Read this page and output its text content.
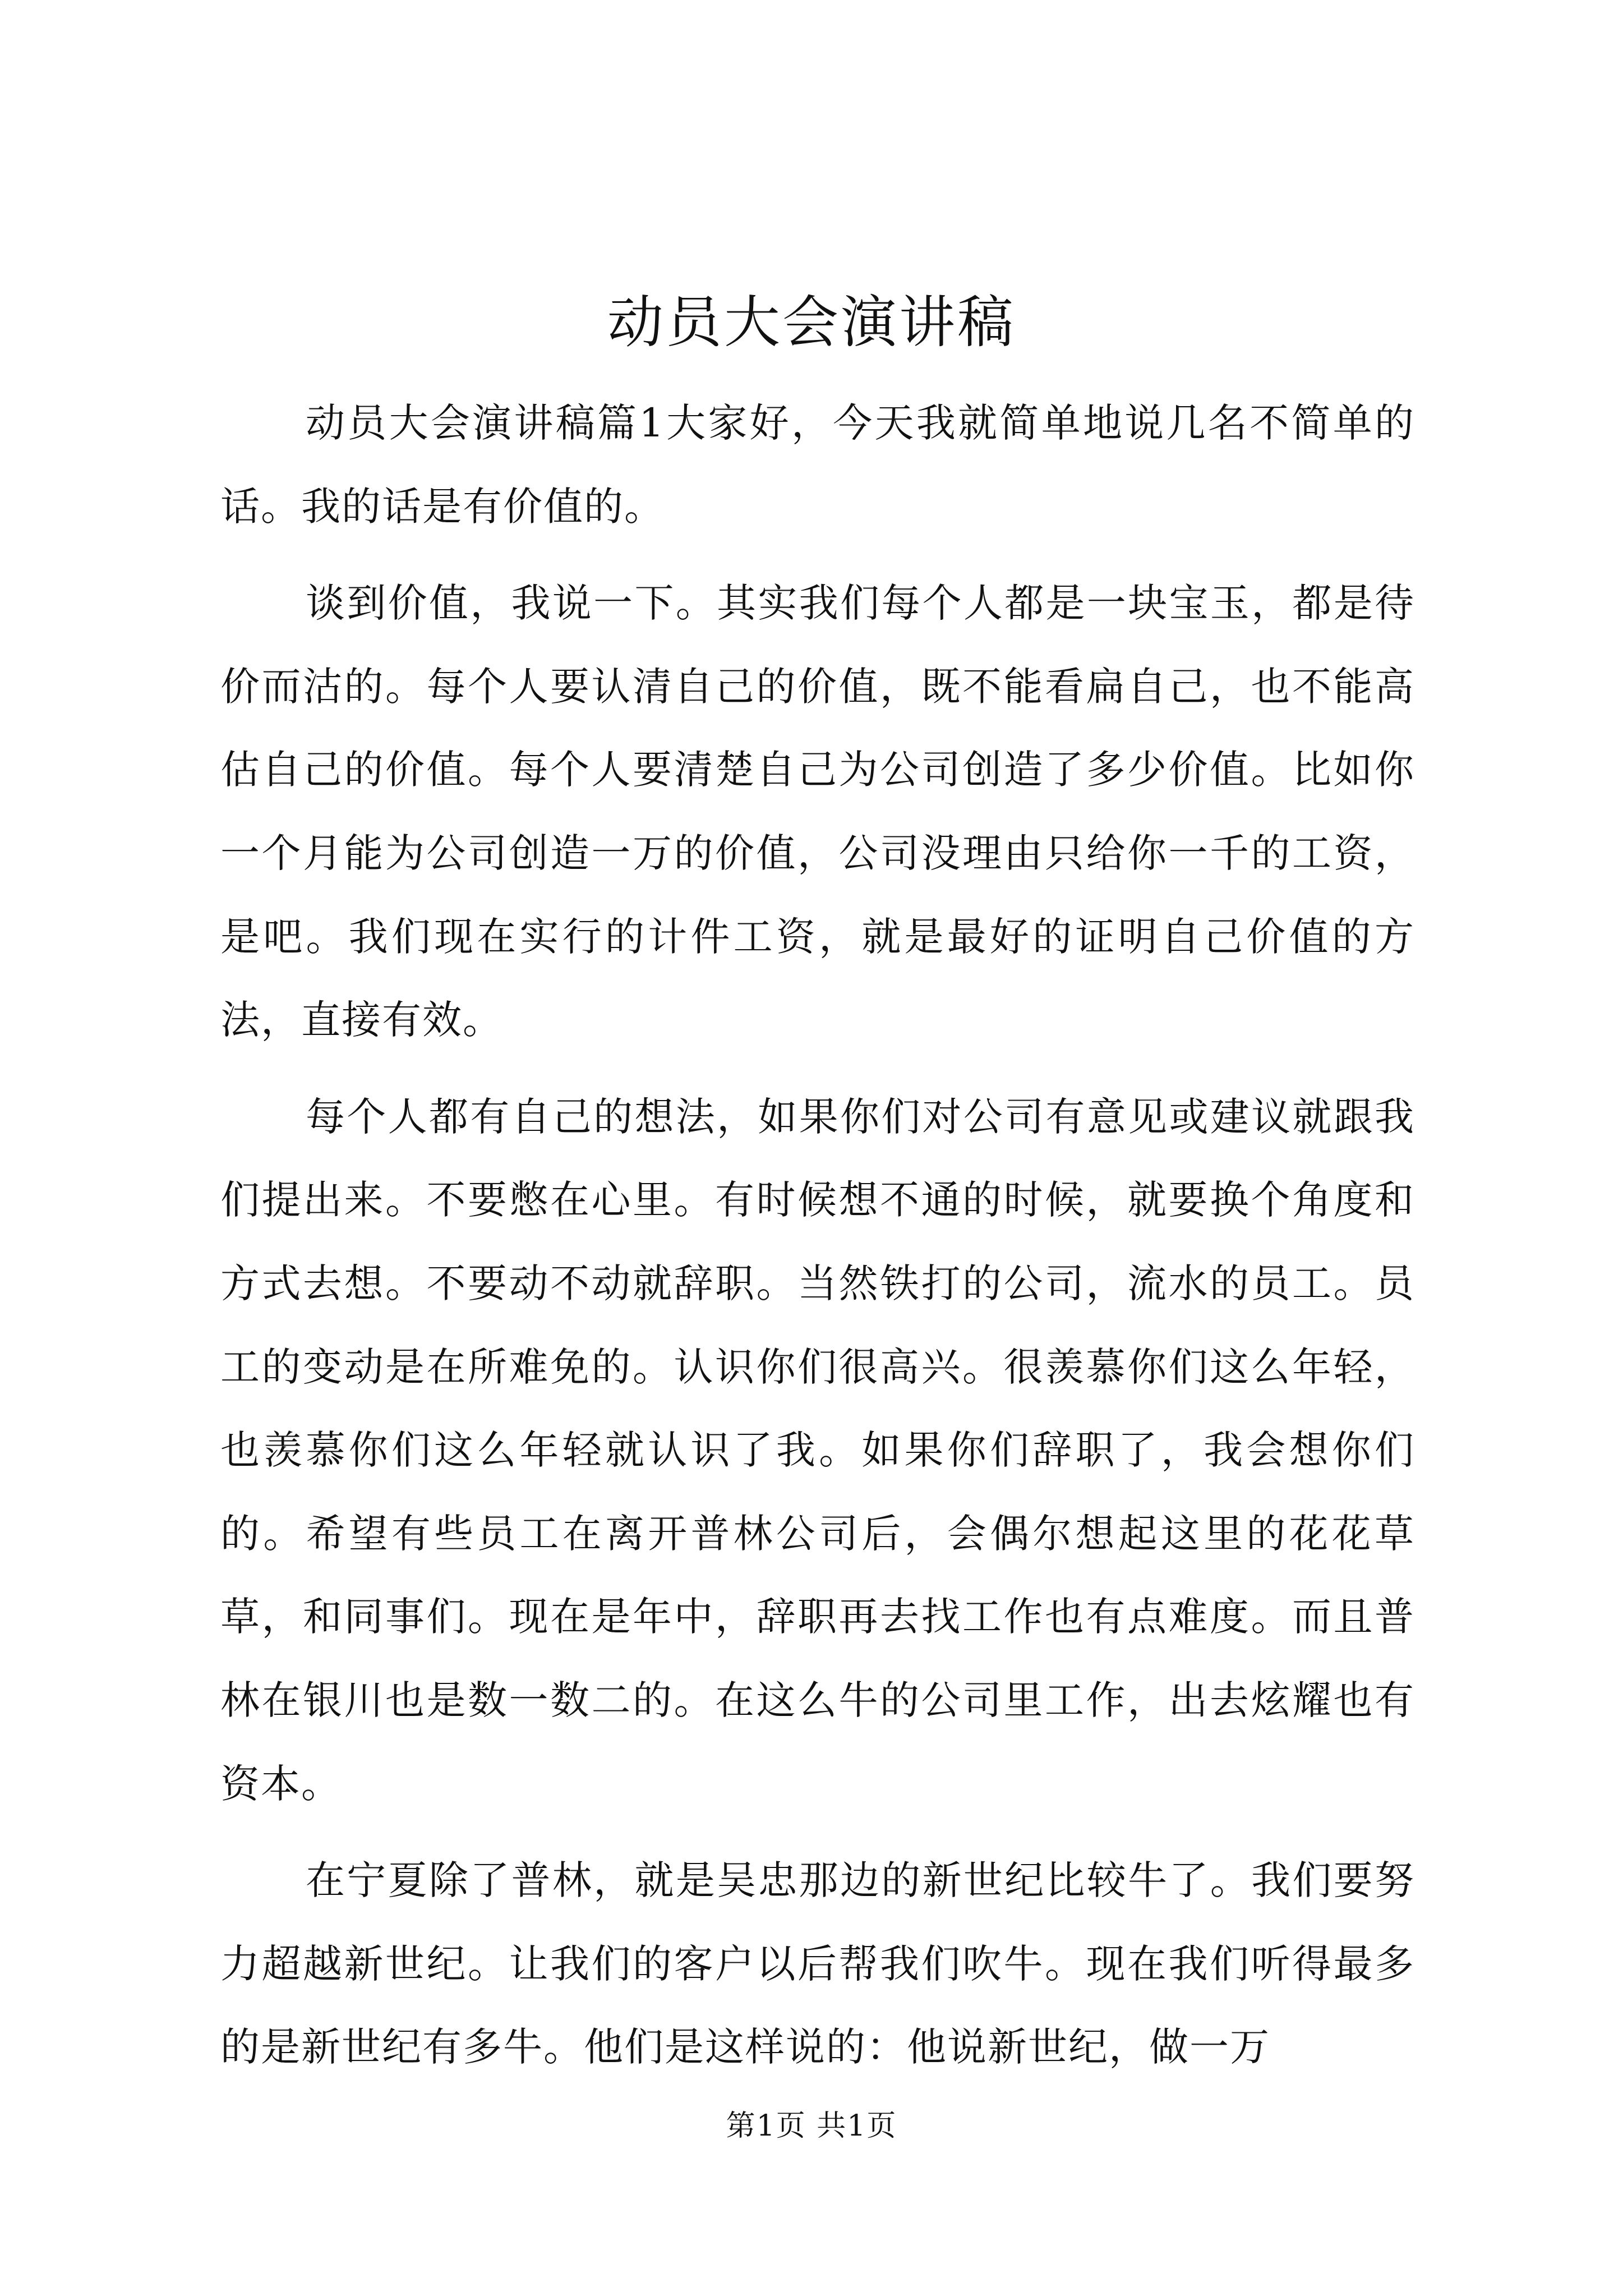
动员大会演讲稿

动员大会演讲稿篇1大家好，今天我就简单地说几名不简单的话。我的话是有价值的。

谈到价值，我说一下。其实我们每个人都是一块宝玉，都是待价而沽的。每个人要认清自己的价值，既不能看扁自己，也不能高估自己的价值。每个人要清楚自己为公司创造了多少价值。比如你一个月能为公司创造一万的价值，公司没理由只给你一千的工资，是吧。我们现在实行的计件工资，就是最好的证明自己价值的方法，直接有效。

每个人都有自己的想法，如果你们对公司有意见或建议就跟我们提出来。不要憋在心里。有时候想不通的时候，就要换个角度和方式去想。不要动不动就辞职。当然铁打的公司，流水的员工。员工的变动是在所难免的。认识你们很高兴。很羡慕你们这么年轻，也羡慕你们这么年轻就认识了我。如果你们辞职了，我会想你们的。希望有些员工在离开普林公司后，会偶尔想起这里的花花草草，和同事们。现在是年中，辞职再去找工作也有点难度。而且普林在银川也是数一数二的。在这么牛的公司里工作，出去炫耀也有资本。

在宁夏除了普林，就是吴忠那边的新世纪比较牛了。我们要努力超越新世纪。让我们的客户以后帮我们吹牛。现在我们听得最多的是新世纪有多牛。他们是这样说的：他说新世纪，做一万

第1页 共1页
